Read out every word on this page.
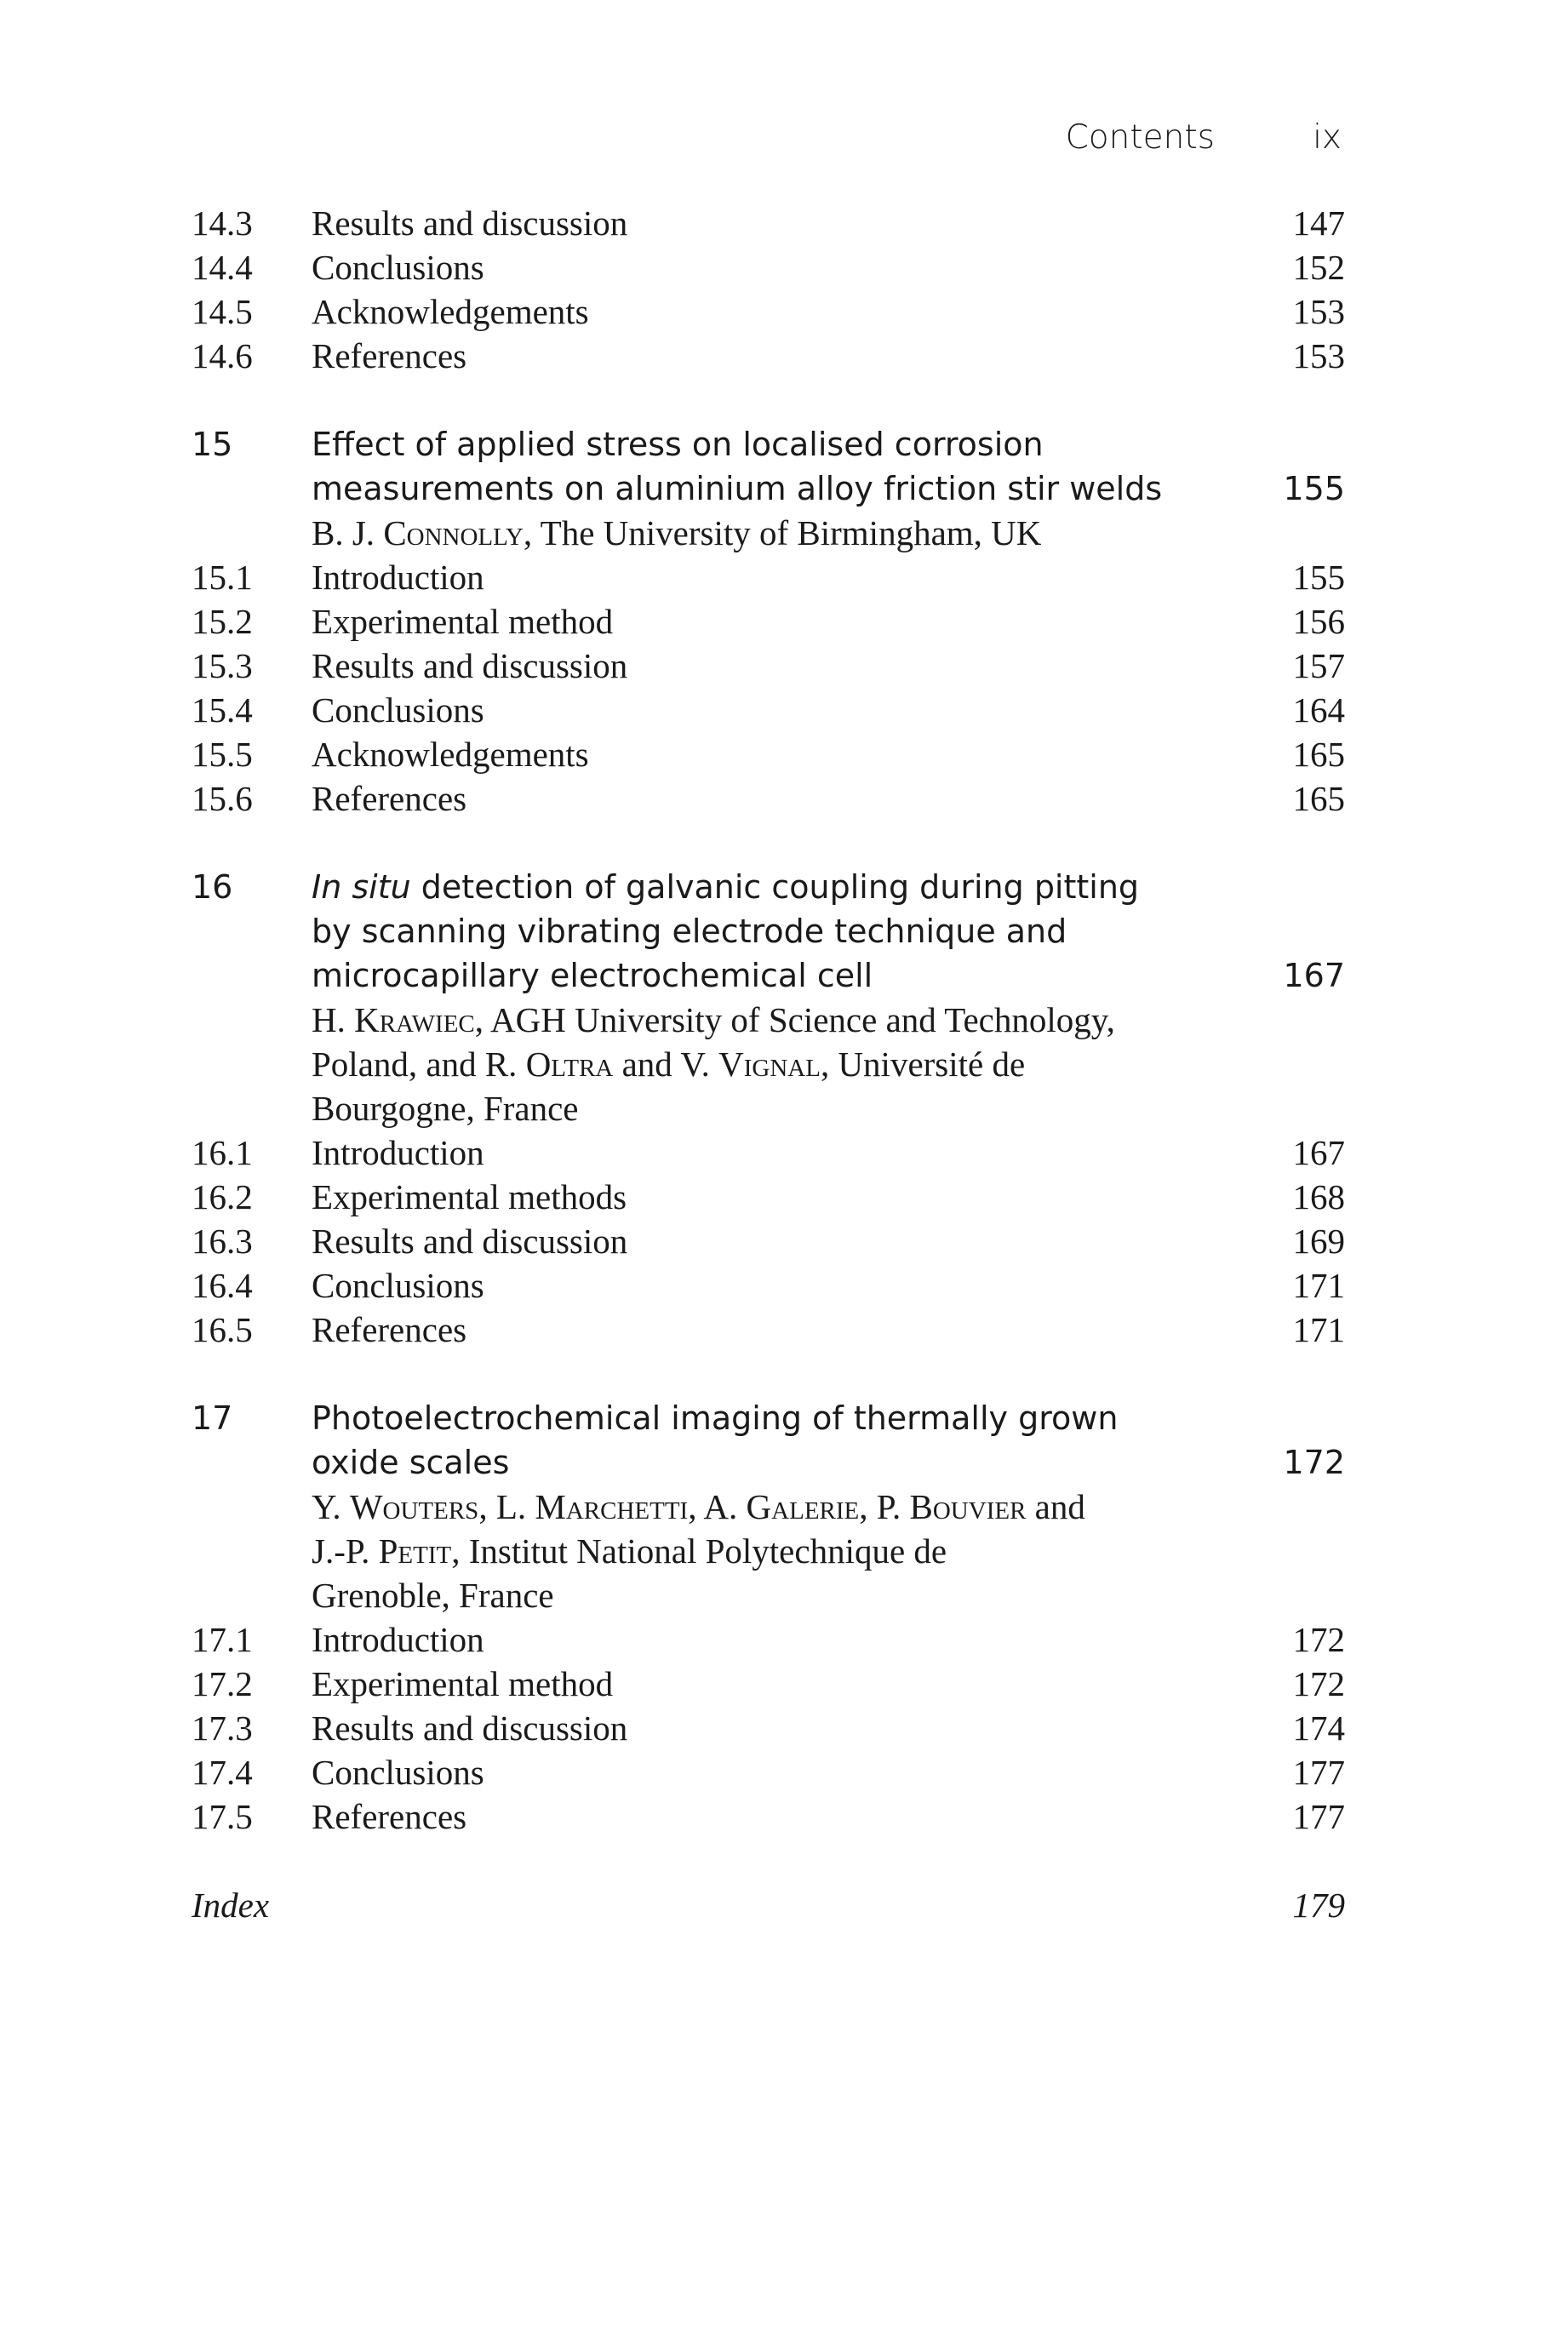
Contents	ix
14.3 Results and discussion	147
14.4 Conclusions	152
14.5 Acknowledgements	153
14.6 References	153
15 Effect of applied stress on localised corrosion
measurements on aluminium alloy friction stir welds	155
B. J. Connolly, The University of Birmingham, UK
15.1 Introduction	155
15.2 Experimental method	156
15.3 Results and discussion	157
15.4 Conclusions	164
15.5 Acknowledgements	165
15.6 References	165
16 In situ detection of galvanic coupling during pitting
by scanning vibrating electrode technique and
microcapillary electrochemical cell	167
H. Krawiec, AGH University of Science and Technology,
Poland, and R. Oltra and V. Vignal, Université de
Bourgogne, France
16.1 Introduction	167
16.2 Experimental methods	168
16.3 Results and discussion	169
16.4 Conclusions	171
16.5 References	171
17 Photoelectrochemical imaging of thermally grown
oxide scales	172
Y. Wouters, L. Marchetti, A. Galerie, P. Bouvier and
J.-P. Petit, Institut National Polytechnique de
Grenoble, France
17.1 Introduction	172
17.2 Experimental method	172
17.3 Results and discussion	174
17.4 Conclusions	177
17.5 References	177
Index	179
